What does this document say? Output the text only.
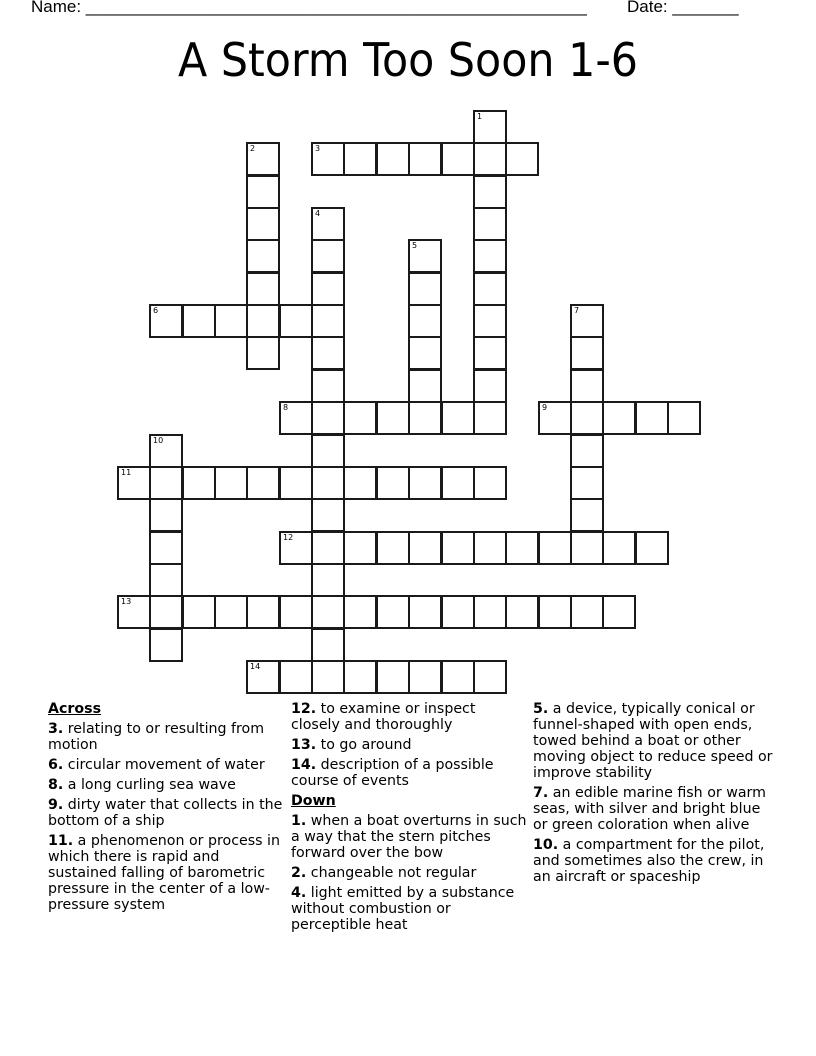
Name: _____________________________________________________ Date: _______
A Storm Too Soon 1-6
1
2	3
4
5
6	7
8	9
10
11
12
13
14
Across
3. relating to or resulting from motion
6. circular movement of water
8. a long curling sea wave
9. dirty water that collects in the bottom of a ship
11. a phenomenon or process in which there is rapid and sustained falling of barometric pressure in the center of a low-pressure system
12. to examine or inspect closely and thoroughly
13. to go around
14. description of a possible course of events
Down
1. when a boat overturns in such a way that the stern pitches forward over the bow
2. changeable not regular
4. light emitted by a substance without combustion or perceptible heat
5. a device, typically conical or funnel-shaped with open ends, towed behind a boat or other moving object to reduce speed or improve stability
7. an edible marine fish or warm seas, with silver and bright blue or green coloration when alive
10. a compartment for the pilot, and sometimes also the crew, in an aircraft or spaceship
